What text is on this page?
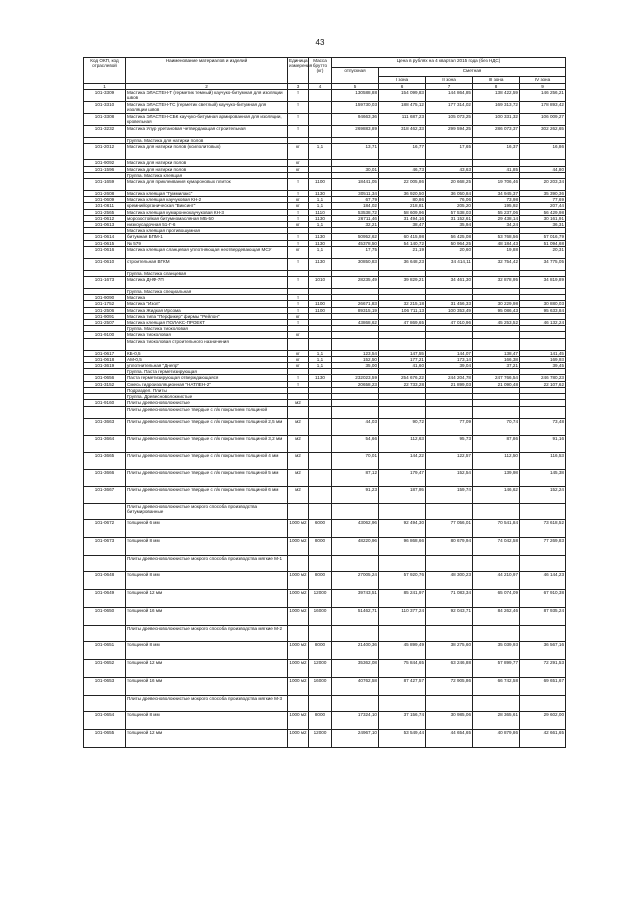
43
Код ОКП, код отраслевой	Наименование материалов и изделий	Единица измерения	Масса брутто (кг)	Цена в рублях на 4 квартал 2015 года (без НДС)				
				отпускная	Сметная			
					I зона	II зона	III зона	IV зона
1	2	3	4	5	6	7	8	9
101-3309	Мастика ЭЛАСТЕН-Т (герметик темный) каучуко-битумная для изоляции швов	т		130588,88	154 099,83	144 864,85	138 422,59	146 256,21
101-3310	Мастика ЭЛАСТЕН-ТС (герметик светлый) каучуко-битумная для изоляции швов	т		159730,03	188 475,12	177 314,02	169 313,72	178 893,42
101-3308	Мастика ЭЛАСТЕН-СБК каучуко-битумная армированная для изоляции, кровельная	т		94663,36	111 687,23	105 073,25	100 331,32	106 009,27
101-3232	Мастика Улур уретановая четвердающая строительная	т		269883,89	318 462,33	299 594,25	286 073,37	302 262,65
	Группа. Мастика для натирки полов							
101-2012	Мастика для натирки полов (ксилолитовых)	кг	1,1	13,71	16,77	17,65	16,37	16,86
101-9092	Мастика для натирки полов	кг						
101-1596	Мастика для натирки полов	кг		30,01	46,73	43,63	41,85	44,80
	Группа. Мастика клеящая							
101-1659	Мастика для приклеивания кумароновых плиток	т	1100	18441,05	22 005,86	20 668,25	19 706,46	20 203,34
101-2608	Мастика клеящая "Гуммилакс"	т	1130	30511,34	36 920,50	36 050,84	34 945,37	35 390,36
101-0609	Мастика клеящая каучуковая КН-2	кг	1,1	67,79	80,86	76,06	73,98	77,69
101-0611	кремнийорганическая "Виксинт"	кг	1,1	184,02	218,81	205,20	195,92	207,44
101-2565	Мастика клеящая кумароннокаучуковая КН-3	т	1110	53538,72	58 609,96	57 538,03	55 237,06	56 429,98
101-0612	морозостойкая битумномасляная МБ-50	т	1130	26711,46	31 494,16	31 152,61	29 438,14	30 161,91
101-0613	низкоусадочная 51-Г-6	кг	1,1	32,21	38,47	35,94	34,24	36,31
	Мастика клеящая противошумная							
101-0614	битумная БПМ-1	т	1130	50952,62	60 415,98	56 425,08	53 768,56	57 016,79
101-0615	№ 579	т	1130	45378,50	54 140,72	50 964,25	48 184,43	51 094,68
101-0616	Мастика клеящая сланцевая уплотняющая неотвердевающая МСУ	кг	1,1	17,75	21,19	20,60	19,88	20,31
101-0610	строительная ВГКМ	т	1130	30850,83	36 648,23	34 414,11	32 754,42	34 775,05
	Группа. Мастика сланцевая							
101-1673	Мастика ДНФ-7П	т	1010	28235,49	39 829,21	34 461,30	32 878,95	34 819,89
	Группа. Мастика специальная							
101-9090	Мастика	т						
101-1752	Мастика "Изол"	т	1100	26671,83	32 215,18	31 456,33	30 229,98	30 880,03
101-2506	Мастика Жидкая Ирсома	т	1100	89315,19	106 711,13	100 353,49	95 086,43	95 633,84
101-9091	Мастика типа "Перфикер" фирмы "Рейлон"	кг						
101-2507	Мастика клеящая ПОЛАКС-ПРОЕКТ	т		43868,62	47 869,65	47 010,96	45 253,52	46 132,24
	Группа. Мастика тиоколовая							
101-9100	Мастика тиоколовая	кг						
	Мастика тиоколовая строительного назначения							
101-0617	КБ-0,5	кг	1,1	123,54	147,55	144,07	138,47	141,45
101-0618	АМ-0,5	кг	1,1	152,50	177,21	173,14	166,38	169,93
101-3619	уплотнительная "Днепр"	кг	1,1	35,00	41,60	39,04	37,21	39,45
	Группа. Паста герметизирующая							
101-0656	Паста герметизирующая отверждающаяся	т	1130	232023,59	254 676,22	244 204,78	247 766,54	246 780,23
101-3152	Смесь гидроизоляционная "НАТЛЕН-2"	т		20658,23	22 733,28	21 899,03	21 090,48	22 107,62
	Подраздел. Плиты							
	Группа. Древесноволокнистые							
101-9160	Плиты древесноволокнистые	м2						
	Плиты древесноволокнистые твердые с л/к покрытием толщиной							
101-3663	Плиты древесноволокнистые твердые с л/к покрытием толщиной 2,5 мм	м2		44,03	90,72	77,09	70,74	73,48
101-3664	Плиты древесноволокнистые твердые с л/к покрытием толщиной 3,2 мм	м2		54,66	112,63	95,73	87,86	91,16
101-3665	Плиты древесноволокнистые твердые с л/к покрытием толщиной 4 мм	м2		70,01	144,22	122,57	112,50	116,53
101-3666	Плиты древесноволокнистые твердые с л/к покрытием толщиной 5 мм	м2		87,12	179,47	152,54	139,98	145,38
101-3667	Плиты древесноволокнистые твердые с л/к покрытием толщиной 6 мм	м2		91,23	187,95	159,74	146,62	152,24
	Плиты древесноволокнистые мокрого способа производства битумированные							
101-0672	толщиной 6 мм	1000 м2	6000	43062,96	92 494,30	77 056,01	70 541,84	73 618,52
101-0673	толщиной 8 мм	1000 м2	8000	48220,96	96 868,66	80 679,94	74 042,58	77 269,83
	Плиты древесноволокнистые мокрого способа производства мягкие М-1							
101-0648	толщиной 8 мм	1000 м2	8000	27005,24	57 920,76	48 300,23	44 210,97	46 144,23
101-0649	толщиной 12 мм	1000 м2	12000	39743,51	85 241,97	71 083,34	65 074,09	67 910,38
101-0650	толщиной 16 мм	1000 м2	16000	51462,71	110 377,24	92 043,71	84 262,46	87 935,24
	Плиты древесноволокнистые мокрого способа производства мягкие М-2							
101-0651	толщиной 8 мм	1000 м2	8000	21400,36	45 899,49	38 275,60	35 039,93	36 567,16
101-0652	толщиной 12 мм	1000 м2	12000	35362,08	75 844,65	63 246,88	57 899,77	72 291,53
101-0653	толщиной 16 мм	1000 м2	16000	40762,58	87 427,57	72 905,86	66 742,58	69 651,67
	Плиты древесноволокнистые мокрого способа производства мягкие М-3							
101-0654	толщиной 8 мм	1000 м2	8000	17324,10	37 156,74	30 985,06	28 365,61	29 602,00
101-0655	толщиной 12 мм	1000 м2	12000	24967,10	53 549,44	44 654,65	40 879,86	42 661,65
